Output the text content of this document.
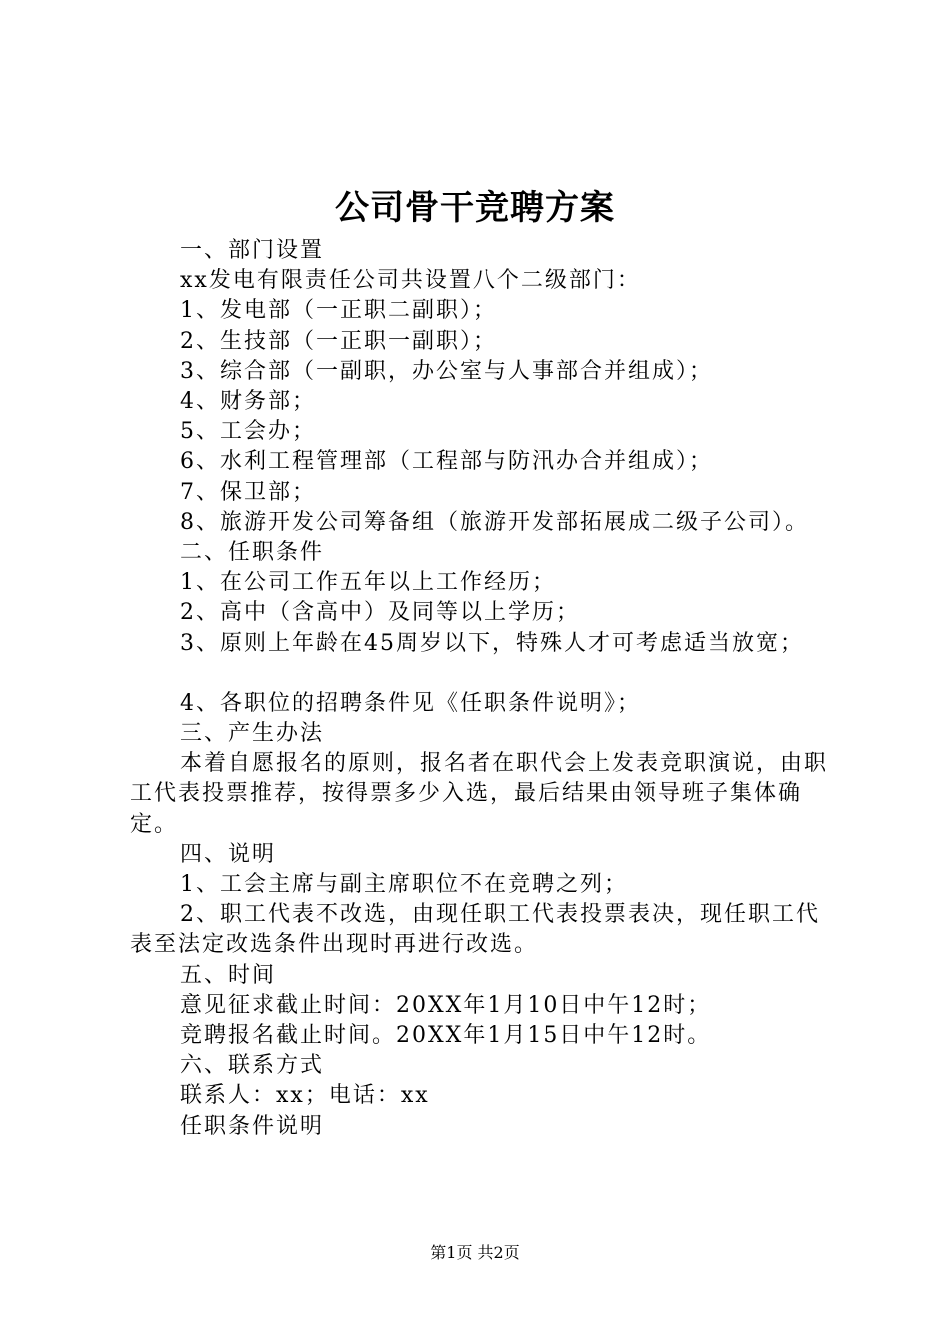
公司骨干竞聘方案

一、部门设置

xx发电有限责任公司共设置八个二级部门：

1、发电部（一正职二副职）；

2、生技部（一正职一副职）；

3、综合部（一副职，办公室与人事部合并组成）；

4、财务部；

5、工会办；

6、水利工程管理部（工程部与防汛办合并组成）；

7、保卫部；

8、旅游开发公司筹备组（旅游开发部拓展成二级子公司）。

二、任职条件

1、在公司工作五年以上工作经历；

2、高中（含高中）及同等以上学历；

3、原则上年龄在45周岁以下，特殊人才可考虑适当放宽；

4、各职位的招聘条件见《任职条件说明》；

三、产生办法

本着自愿报名的原则，报名者在职代会上发表竞职演说，由职工代表投票推荐，按得票多少入选，最后结果由领导班子集体确定。

四、说明

1、工会主席与副主席职位不在竞聘之列；

2、职工代表不改选，由现任职工代表投票表决，现任职工代表至法定改选条件出现时再进行改选。

五、时间

意见征求截止时间：20XX年1月10日中午12时；

竞聘报名截止时间。20XX年1月15日中午12时。

六、联系方式

联系人：xx；电话：xx

任职条件说明

第1页 共2页
